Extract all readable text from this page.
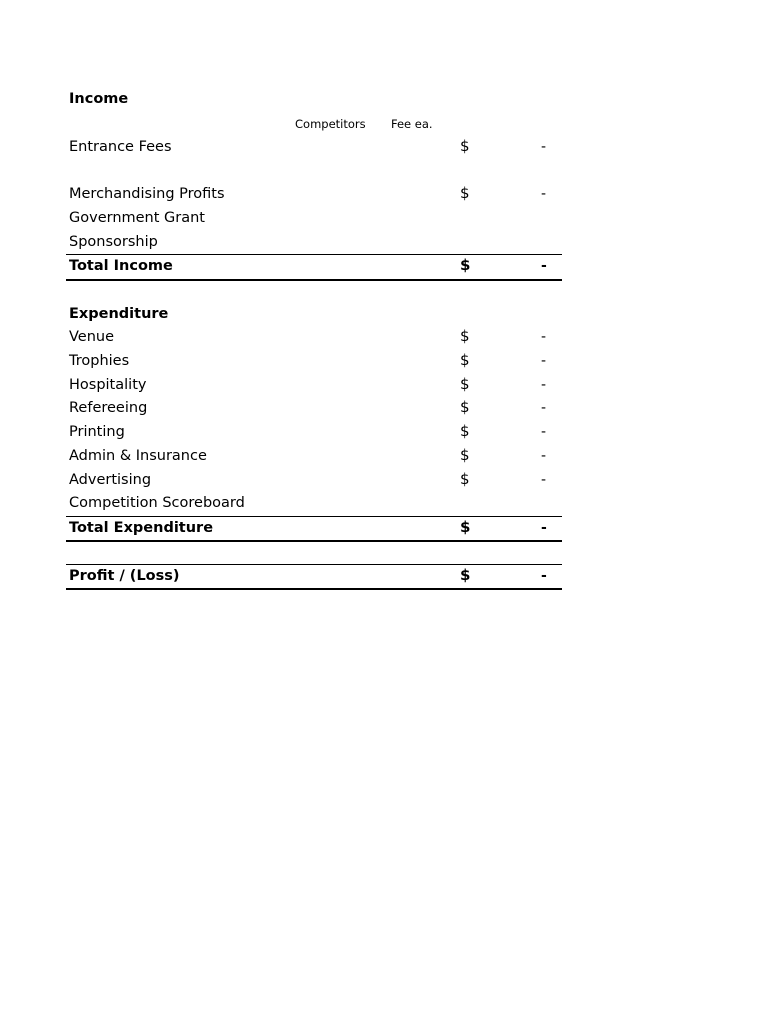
Income
Competitors Fee ea.
Entrance Fees	$	-
Merchandising Profits	$	-
Government Grant
Sponsorship
Total Income	$	-
Expenditure
Venue	$	-
Trophies	$	-
Hospitality	$	-
Refereeing	$	-
Printing	$	-
Admin & Insurance	$	-
Advertising	$	-
Competition Scoreboard
Total Expenditure	$	-
Profit / (Loss)	$	-
